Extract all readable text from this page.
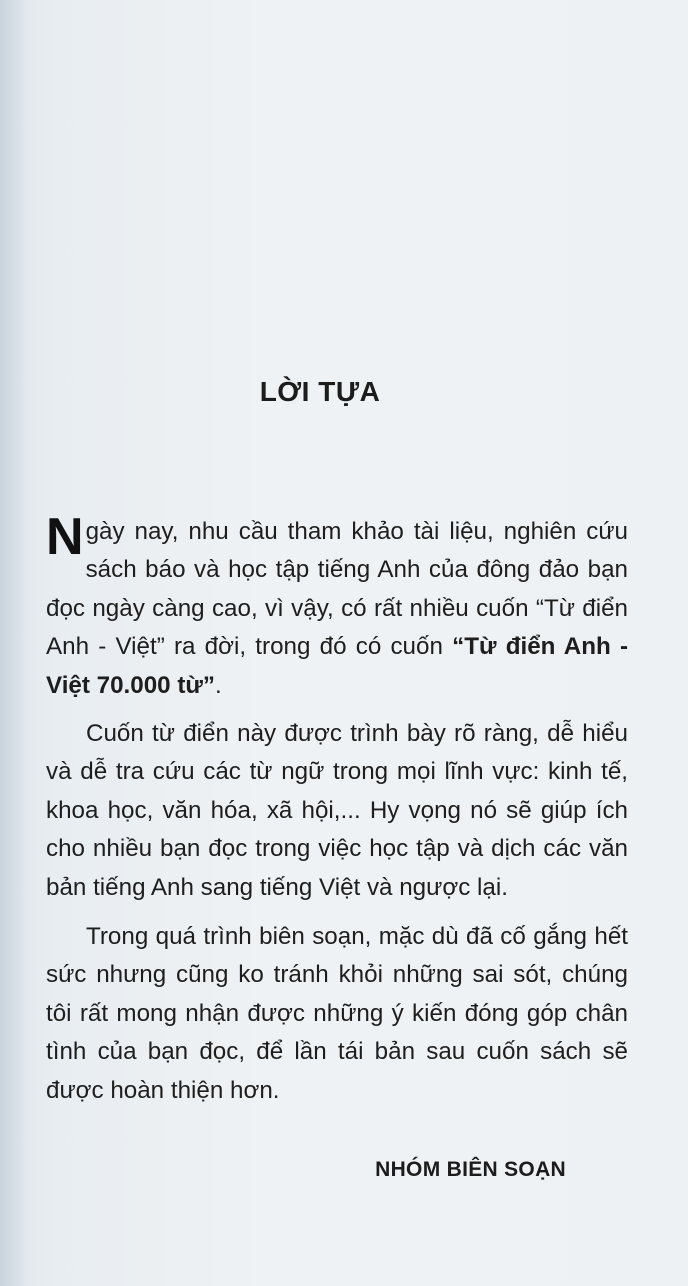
LỜI TỰA

Ngày nay, nhu cầu tham khảo tài liệu, nghiên cứu sách báo và học tập tiếng Anh của đông đảo bạn đọc ngày càng cao, vì vậy, có rất nhiều cuốn “Từ điển Anh - Việt” ra đời, trong đó có cuốn “Từ điển Anh - Việt 70.000 từ”.

Cuốn từ điển này được trình bày rõ ràng, dễ hiểu và dễ tra cứu các từ ngữ trong mọi lĩnh vực: kinh tế, khoa học, văn hóa, xã hội,... Hy vọng nó sẽ giúp ích cho nhiều bạn đọc trong việc học tập và dịch các văn bản tiếng Anh sang tiếng Việt và ngược lại.

Trong quá trình biên soạn, mặc dù đã cố gắng hết sức nhưng cũng ko tránh khỏi những sai sót, chúng tôi rất mong nhận được những ý kiến đóng góp chân tình của bạn đọc, để lần tái bản sau cuốn sách sẽ được hoàn thiện hơn.

NHÓM BIÊN SOẠN
